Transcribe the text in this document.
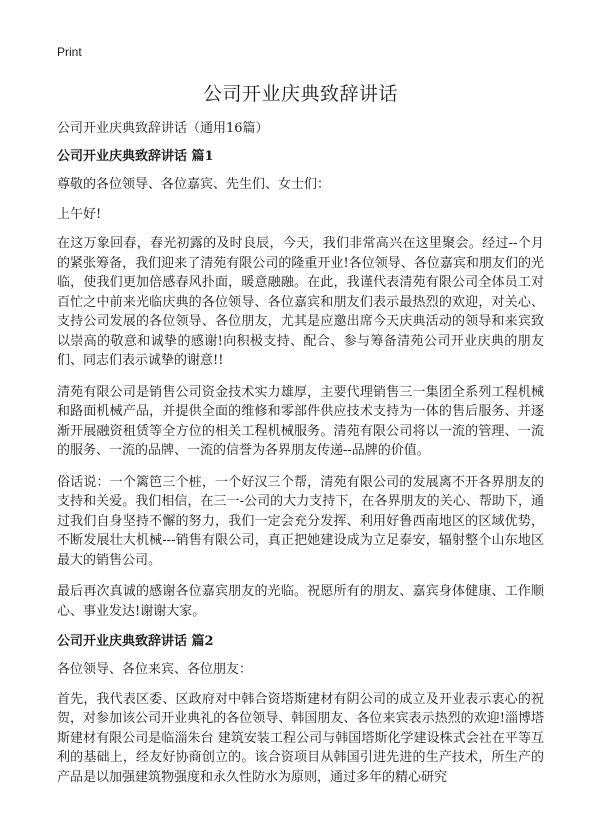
Print
公司开业庆典致辞讲话

公司开业庆典致辞讲话（通用16篇）

公司开业庆典致辞讲话 篇1

尊敬的各位领导、各位嘉宾、先生们、女士们：

上午好!

在这万象回春，春光初露的及时良辰，今天，我们非常高兴在这里聚会。经过--个月的紧张筹备，我们迎来了清苑有限公司的隆重开业!各位领导、各位嘉宾和朋友们的光临，使我们更加倍感春风扑面，暖意融融。在此，我谨代表清苑有限公司全体员工对百忙之中前来光临庆典的各位领导、各位嘉宾和朋友们表示最热烈的欢迎，对关心、支持公司发展的各位领导、各位朋友，尤其是应邀出席今天庆典活动的领导和来宾致以崇高的敬意和诚挚的感谢!向积极支持、配合、参与筹备清苑公司开业庆典的朋友们、同志们表示诚挚的谢意!!

清苑有限公司是销售公司资金技术实力雄厚，主要代理销售三一集团全系列工程机械和路面机械产品，并提供全面的维修和零部件供应技术支持为一体的售后服务、并逐渐开展融资租赁等全方位的相关工程机械服务。清苑有限公司将以一流的管理、一流的服务、一流的品牌、一流的信誉为各界朋友传递--品牌的价值。

俗话说：一个篱笆三个桩，一个好汉三个帮，清苑有限公司的发展离不开各界朋友的支持和关爱。我们相信，在三一-公司的大力支持下，在各界朋友的关心、帮助下，通过我们自身坚持不懈的努力，我们一定会充分发挥、利用好鲁西南地区的区域优势，不断发展壮大机械---销售有限公司，真正把她建设成为立足泰安，辐射整个山东地区最大的销售公司。

最后再次真诚的感谢各位嘉宾朋友的光临。祝愿所有的朋友、嘉宾身体健康、工作顺心、事业发达!谢谢大家。

公司开业庆典致辞讲话 篇2

各位领导、各位来宾、各位朋友：

首先，我代表区委、区政府对中韩合资塔斯建材有阴公司的成立及开业表示衷心的祝贺，对参加该公司开业典礼的各位领导、韩国朋友、各位来宾表示热烈的欢迎!淄博塔斯建材有限公司是临淄朱台 建筑安装工程公司与韩国塔斯化学建设株式会社在平等互利的基础上，经友好协商创立的。该合资项目从韩国引进先进的生产技术，所生产的产品是以加强建筑物强度和永久性防水为原则，通过多年的精心研究
